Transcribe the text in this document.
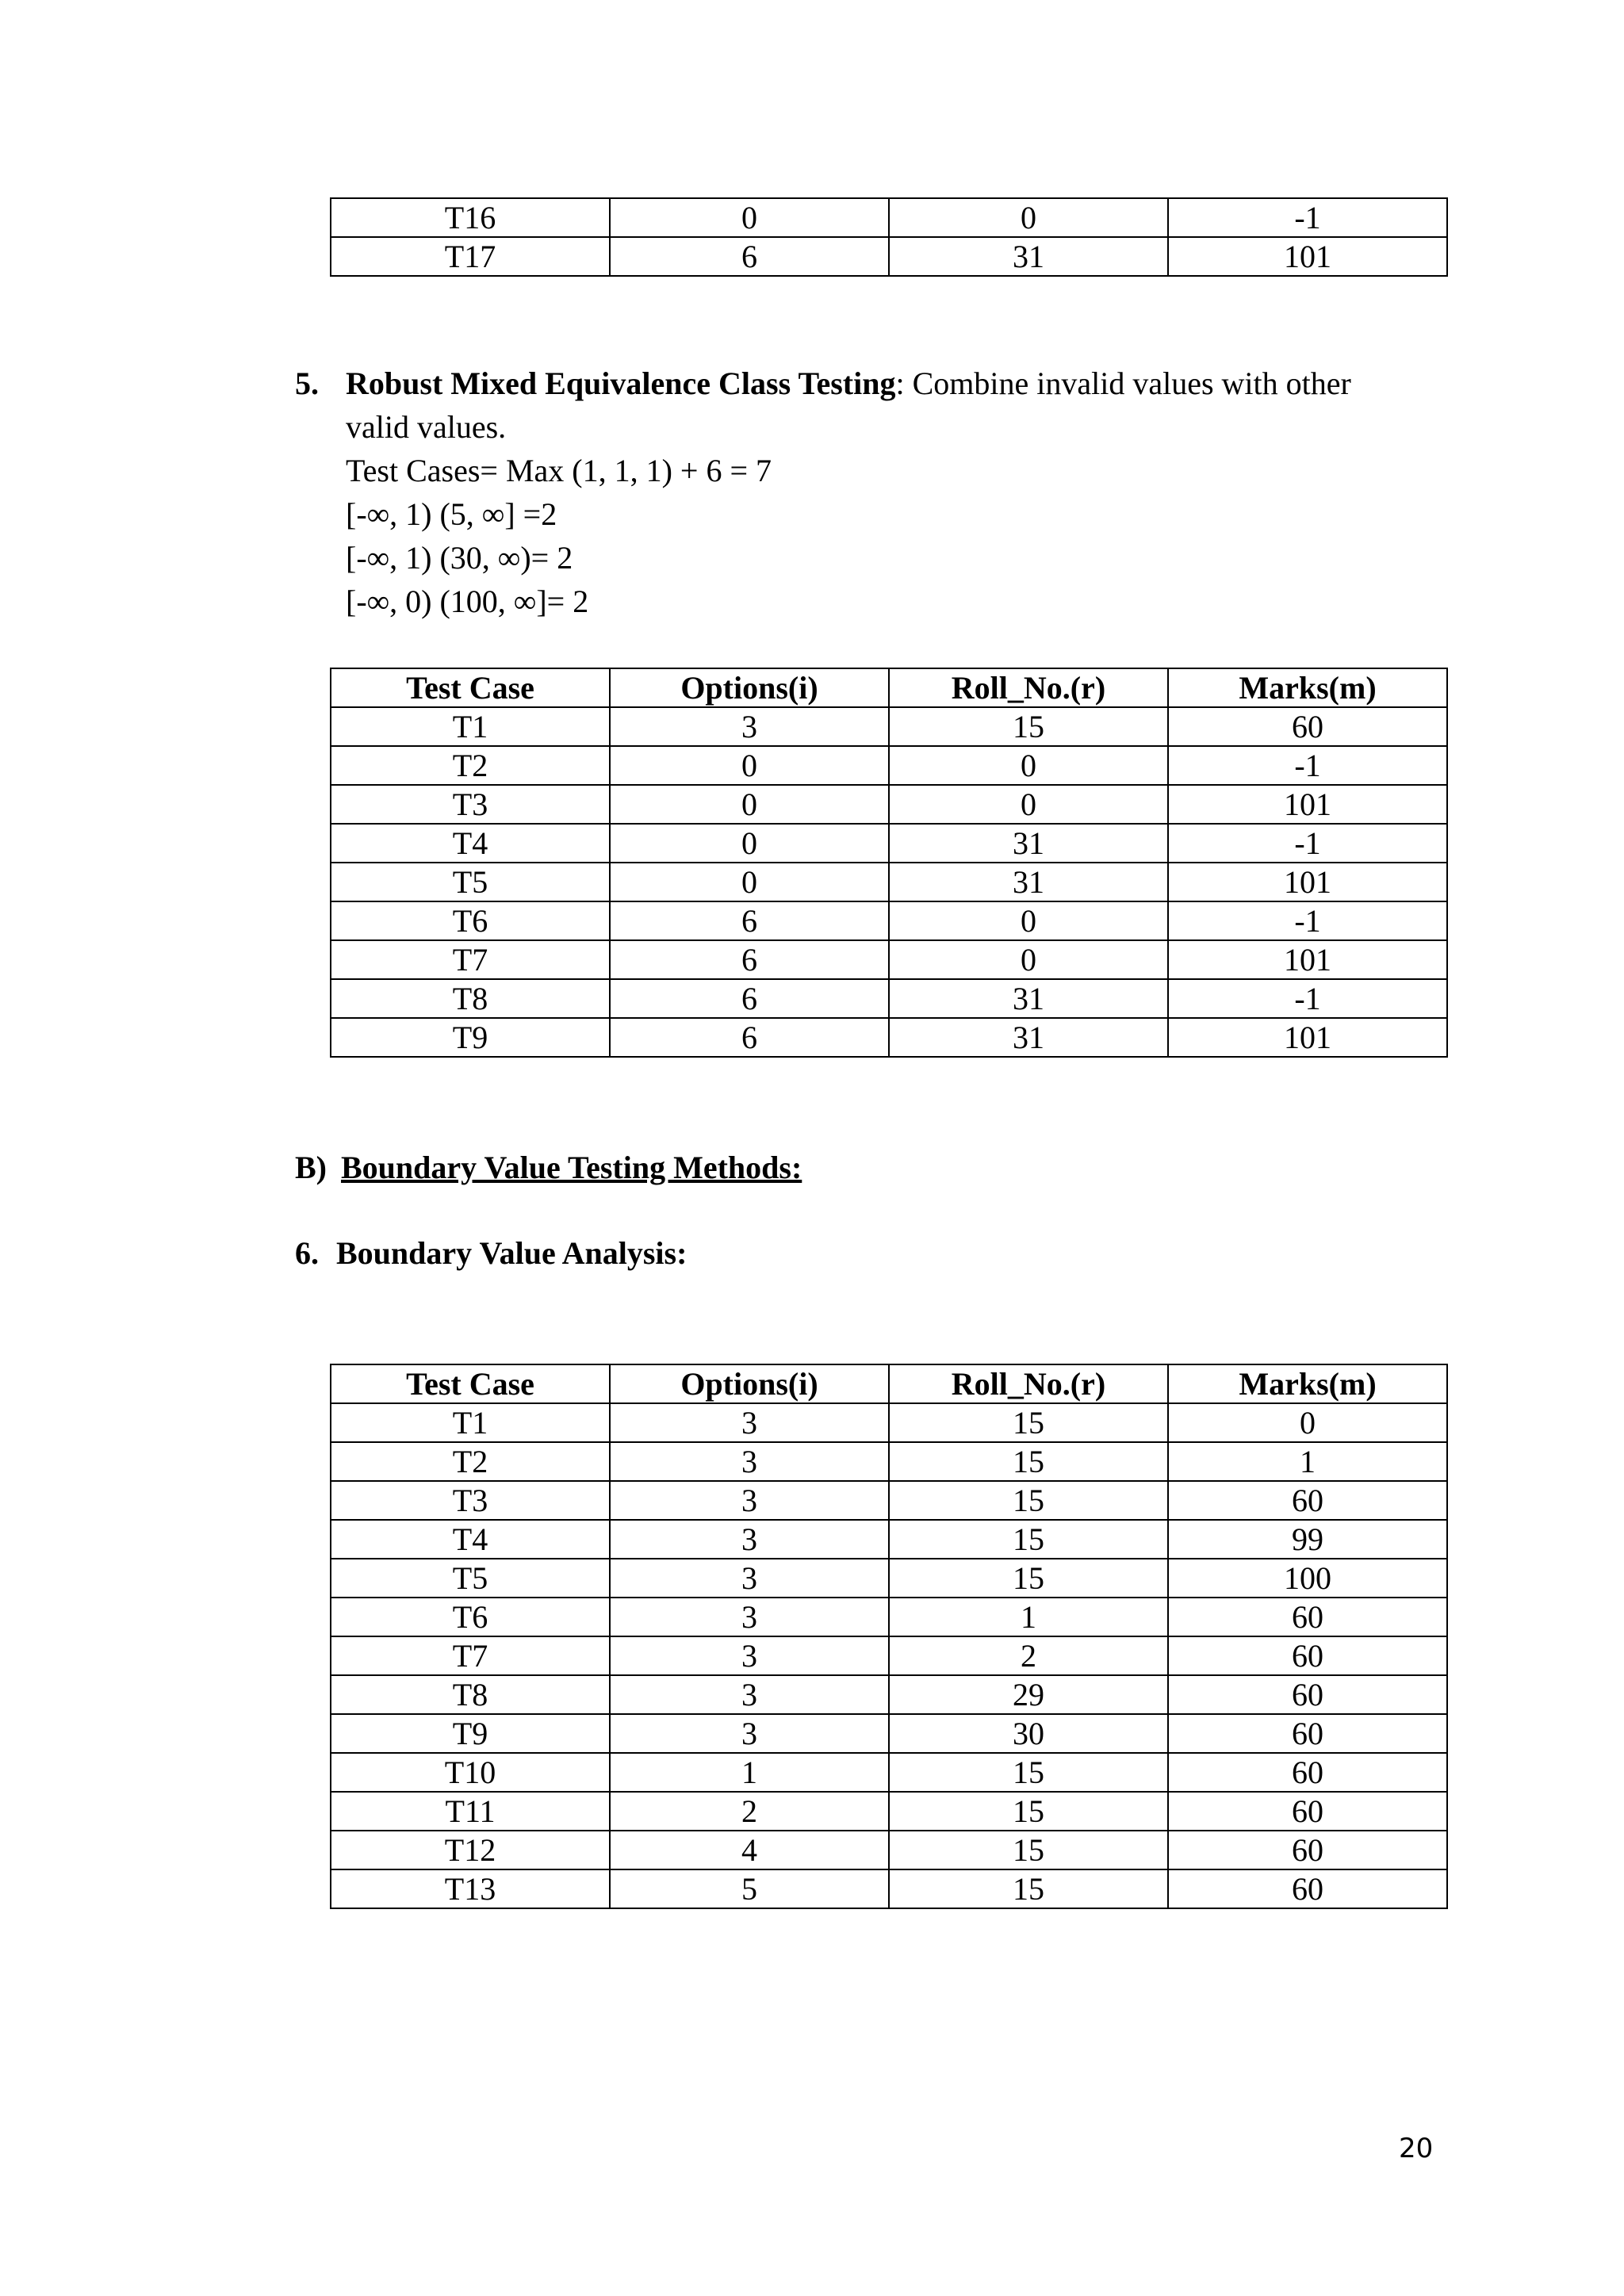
T16	0	0	-1
T17	6	31	101
5. Robust Mixed Equivalence Class Testing: Combine invalid values with other
valid values.
Test Cases= Max (1, 1, 1) + 6 = 7
[-∞, 1) (5, ∞] =2
[-∞, 1) (30, ∞)= 2
[-∞, 0) (100, ∞]= 2
Test Case	Options(i)	Roll_No.(r)	Marks(m)
T1	3	15	60
T2	0	0	-1
T3	0	0	101
T4	0	31	-1
T5	0	31	101
T6	6	0	-1
T7	6	0	101
T8	6	31	-1
T9	6	31	101
B) Boundary Value Testing Methods:
6. Boundary Value Analysis:
Test Case	Options(i)	Roll_No.(r)	Marks(m)
T1	3	15	0
T2	3	15	1
T3	3	15	60
T4	3	15	99
T5	3	15	100
T6	3	1	60
T7	3	2	60
T8	3	29	60
T9	3	30	60
T10	1	15	60
T11	2	15	60
T12	4	15	60
T13	5	15	60
20
